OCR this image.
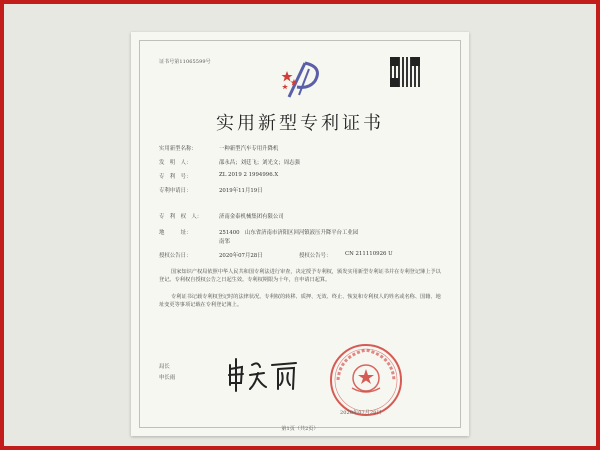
证书号第11065599号
实用新型专利证书
实用新型名称：	一种新型汽车专用升降机
发　明　人：	邵永昌；刘廷飞；刘光文；周志强
专　利　号：	ZL 2019 2 1994996.X
专利申请日：	2019年11月19日
专　利　权　人：	济南金泰机械集团有限公司
地　　　址：	251400　山东省济南市济阳区回河镇液压升降平台工业园
南邻
授权公告日：	2020年07月28日	授权公告号：	CN 211110926 U
国家知识产权局依照中华人民共和国专利法进行审查，决定授予专利权，颁发实用新型专利证书并在专利登记簿上予以登记。专利权自授权公告之日起生效。专利权期限为十年，自申请日起算。
专利证书记载专利权登记时的法律状况。专利权的转移、质押、无效、终止、恢复和专利权人的姓名或名称、国籍、地址变更等事项记载在专利登记簿上。
局长
申长雨
2020年07月28日
第1页（共2页）
